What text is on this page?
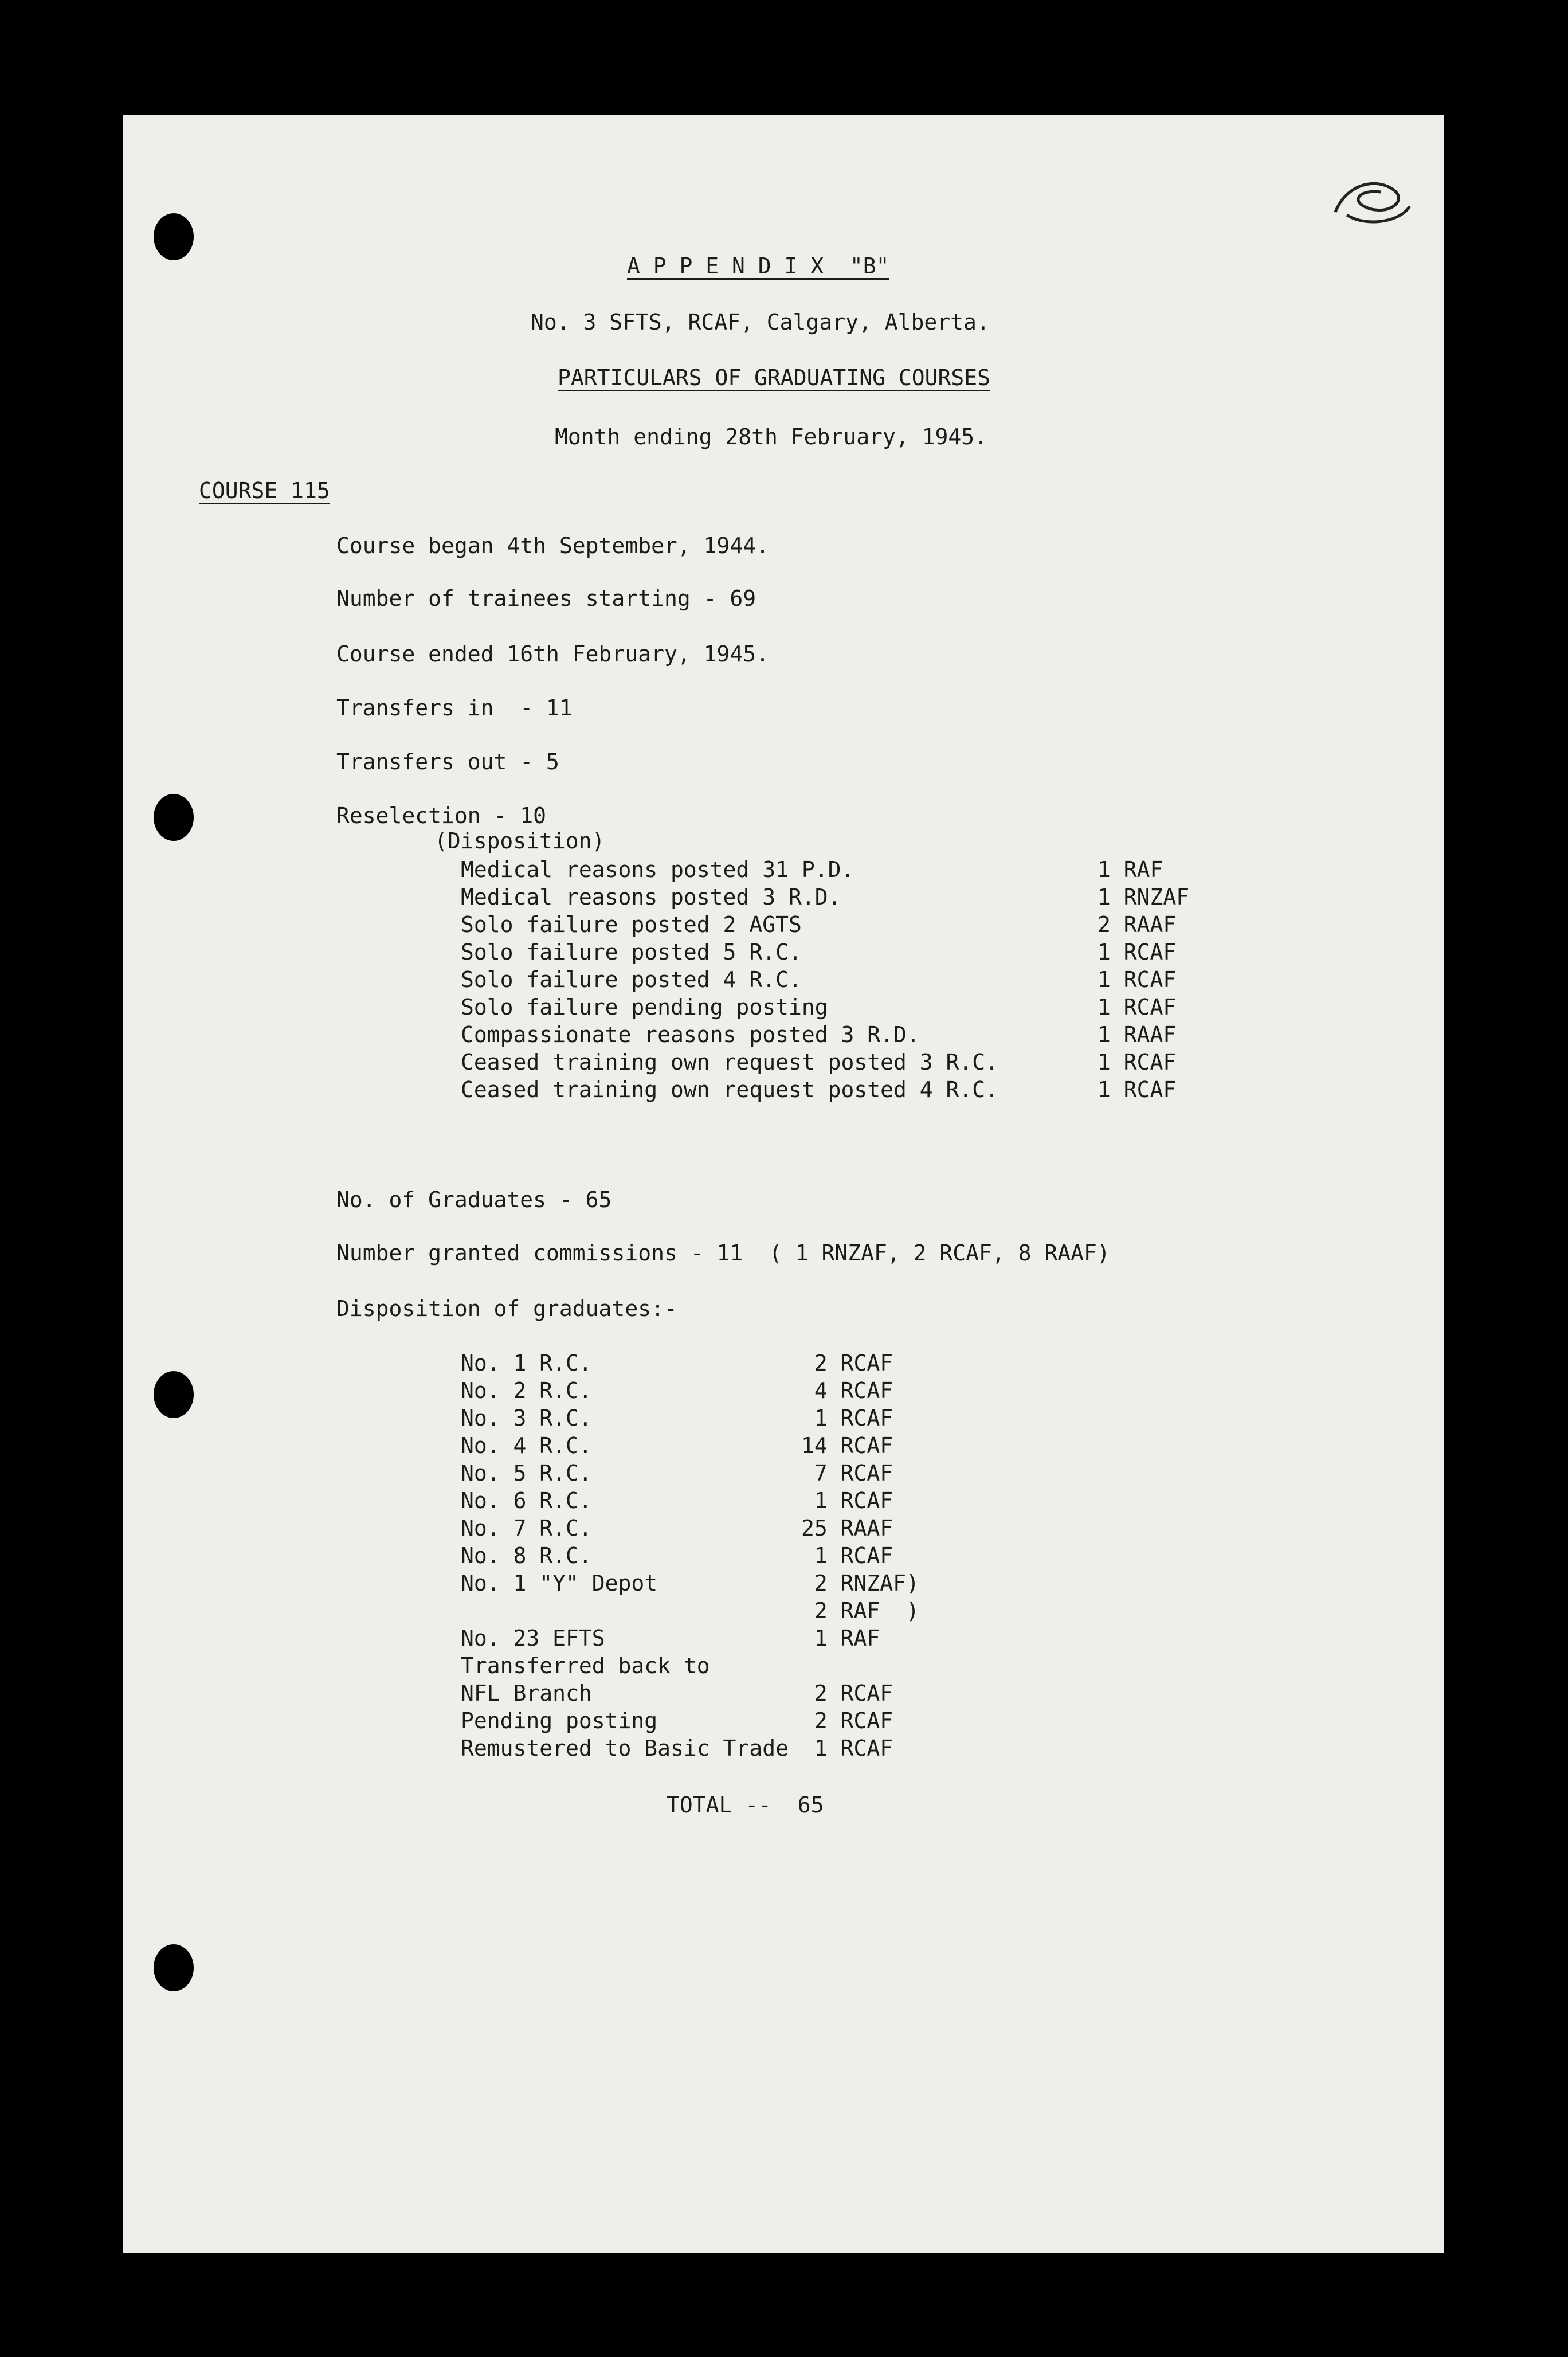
A P P E N D I X  "B"
No. 3 SFTS, RCAF, Calgary, Alberta.
PARTICULARS OF GRADUATING COURSES
Month ending 28th February, 1945.
COURSE 115
Course began 4th September, 1944.
Number of trainees starting - 69
Course ended 16th February, 1945.
Transfers in  - 11
Transfers out - 5
Reselection - 10
(Disposition)
Medical reasons posted 31 P.D.	1 RAF
Medical reasons posted 3 R.D.	1 RNZAF
Solo failure posted 2 AGTS	2 RAAF
Solo failure posted 5 R.C.	1 RCAF
Solo failure posted 4 R.C.	1 RCAF
Solo failure pending posting	1 RCAF
Compassionate reasons posted 3 R.D.	1 RAAF
Ceased training own request posted 3 R.C.	1 RCAF
Ceased training own request posted 4 R.C.	1 RCAF
No. of Graduates - 65
Number granted commissions - 11  ( 1 RNZAF, 2 RCAF, 8 RAAF)
Disposition of graduates:-
No. 1 R.C.	2 RCAF
No. 2 R.C.	4 RCAF
No. 3 R.C.	1 RCAF
No. 4 R.C.	14 RCAF
No. 5 R.C.	7 RCAF
No. 6 R.C.	1 RCAF
No. 7 R.C.	25 RAAF
No. 8 R.C.	1 RCAF
No. 1 "Y" Depot	2 RNZAF)
2 RAF  )
No. 23 EFTS	1 RAF
Transferred back to
NFL Branch	2 RCAF
Pending posting	2 RCAF
Remustered to Basic Trade 1 RCAF
TOTAL --  65
